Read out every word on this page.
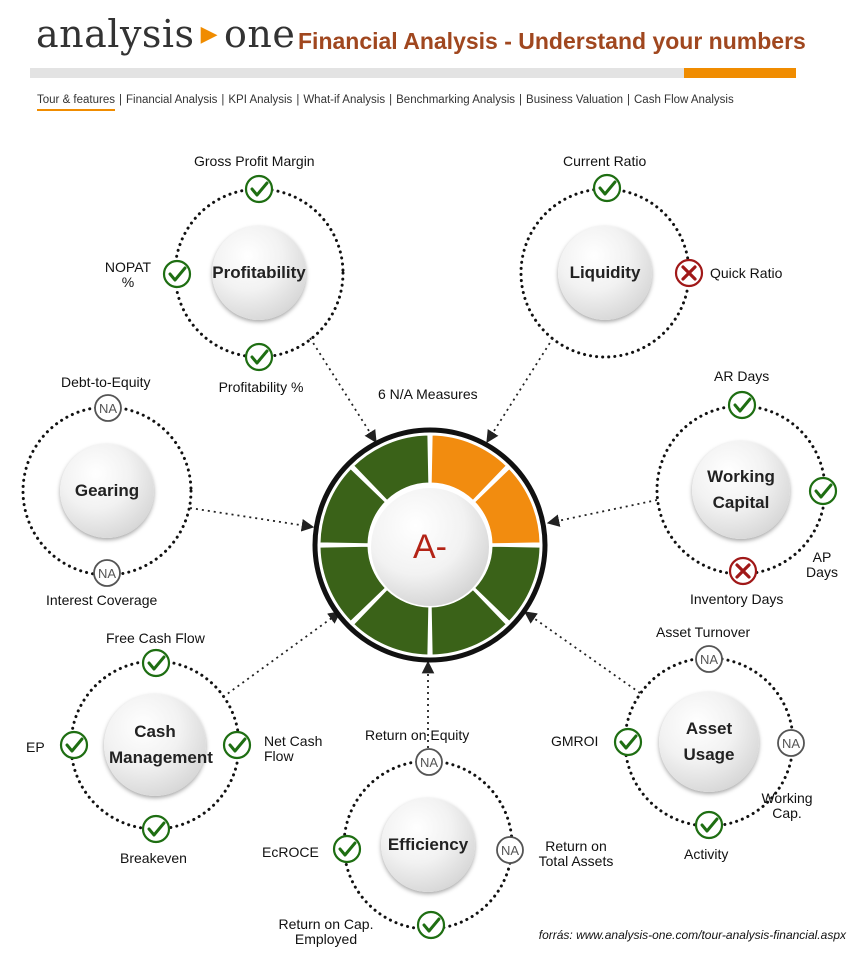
analysis ▶ one Financial Analysis - Understand your numbers
Tour & features | Financial Analysis | KPI Analysis | What-if Analysis | Benchmarking Analysis | Business Valuation | Cash Flow Analysis
NA
NA
NA
NA
NA
NA
A-
6 N/A Measures
Profitability	Liquidity
Gearing
Working Capital
Cash Management
Efficiency
Asset Usage
Gross Profit Margin
NOPAT %
Profitability %
Current Ratio
Quick Ratio
Debt-to-Equity
Interest Coverage
AR Days
AP Days
Inventory Days
Free Cash Flow
EP	Net Cash Flow
Breakeven
Return on Equity
EcROCE	Return on Total Assets
Return on Cap. Employed
Asset Turnover
GMROI
Working Cap.
Activity
forrás: www.analysis-one.com/tour-analysis-financial.aspx
